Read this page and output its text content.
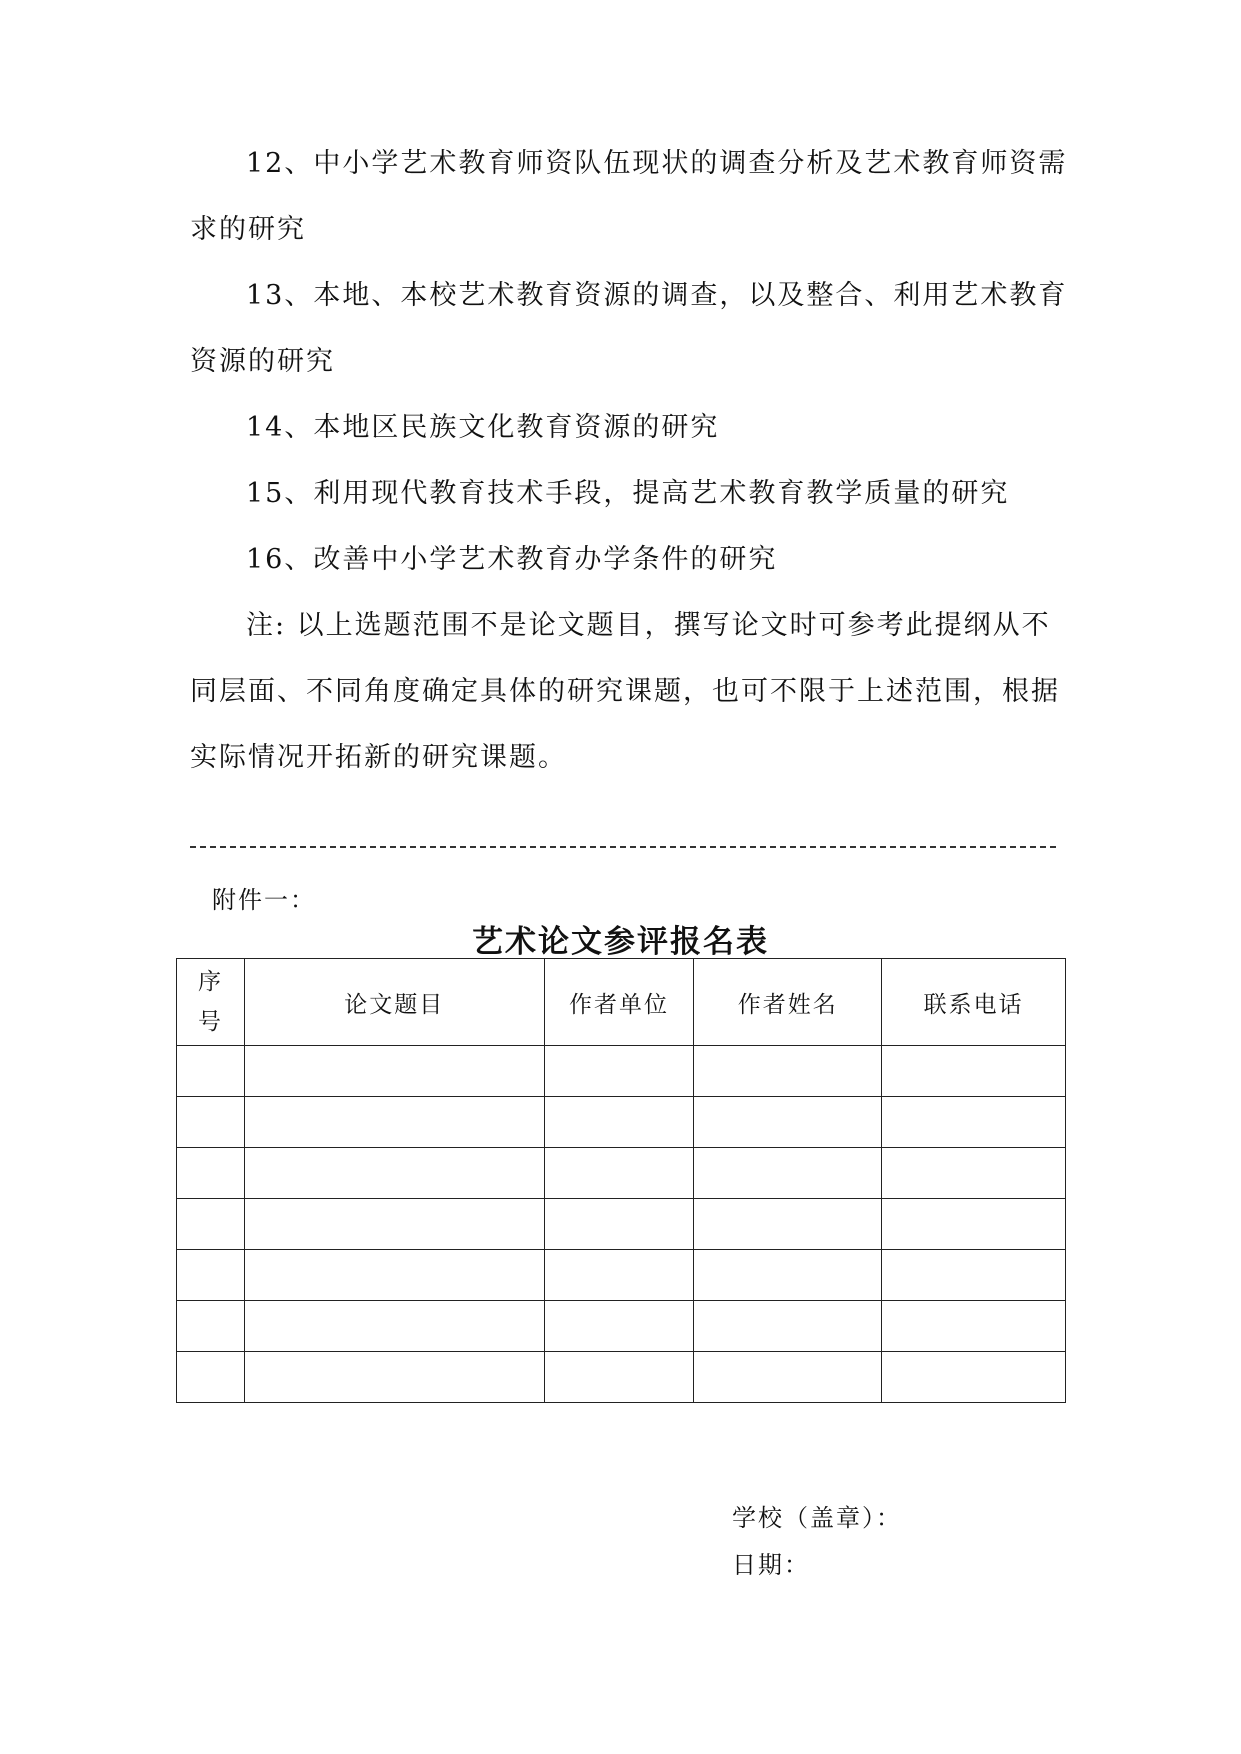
12、中小学艺术教育师资队伍现状的调查分析及艺术教育师资需
求的研究
13、本地、本校艺术教育资源的调查，以及整合、利用艺术教育
资源的研究
14、本地区民族文化教育资源的研究
15、利用现代教育技术手段，提高艺术教育教学质量的研究
16、改善中小学艺术教育办学条件的研究
注: 以上选题范围不是论文题目，撰写论文时可参考此提纲从不
同层面、不同角度确定具体的研究课题，也可不限于上述范围，根据
实际情况开拓新的研究课题。
附件一：
艺术论文参评报名表
序
号	论文题目	作者单位	作者姓名	联系电话

学校（盖章）：
日期：
